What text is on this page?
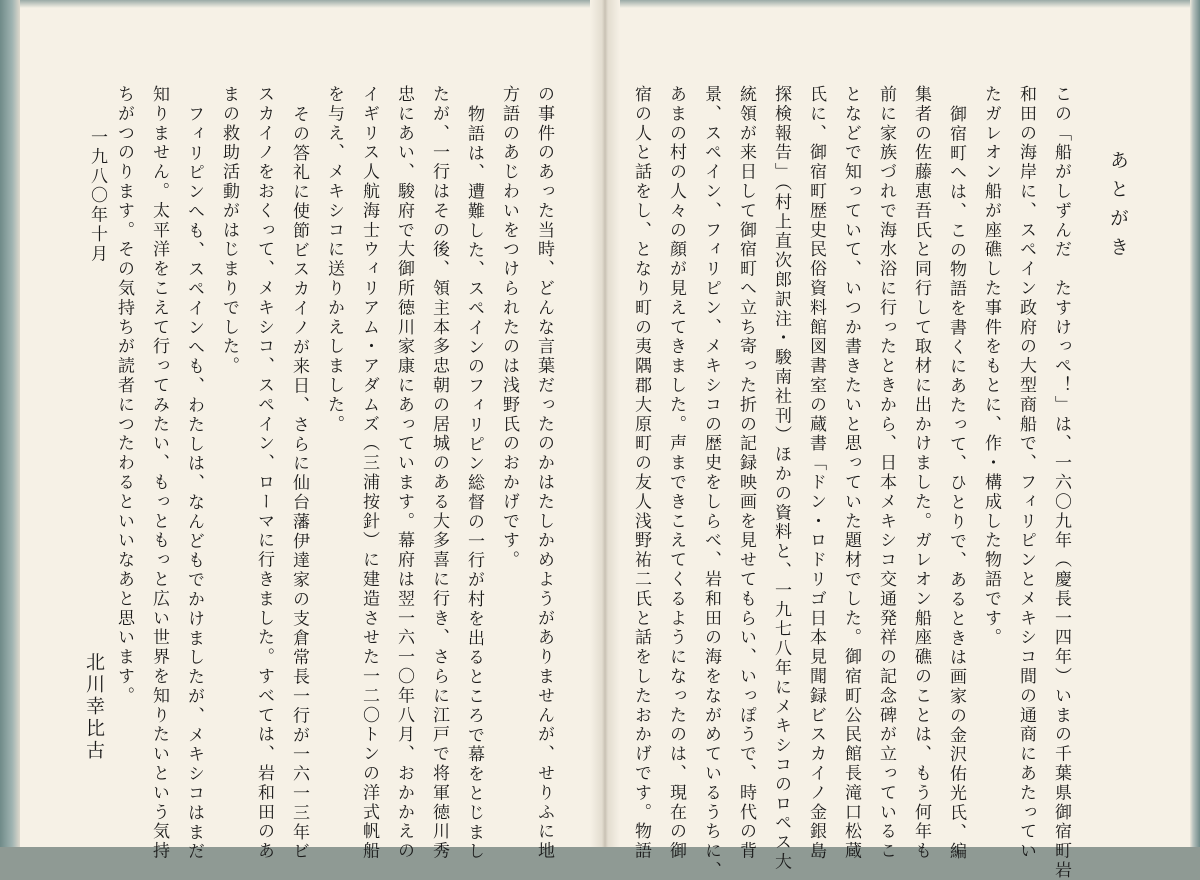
あとがき
この「船がしずんだ　たすけっぺ！」は、一六〇九年（慶長一四年）いまの千葉県御宿町岩
和田の海岸に、スペイン政府の大型商船で、フィリピンとメキシコ間の通商にあたってい
たガレオン船が座礁した事件をもとに、作・構成した物語です。
御宿町へは、この物語を書くにあたって、ひとりで、あるときは画家の金沢佑光氏、編
集者の佐藤恵吾氏と同行して取材に出かけました。ガレオン船座礁のことは、もう何年も
前に家族づれで海水浴に行ったときから、日本メキシコ交通発祥の記念碑が立っているこ
となどで知っていて、いつか書きたいと思っていた題材でした。御宿町公民館長滝口松蔵
氏に、御宿町歴史民俗資料館図書室の蔵書「ドン・ロドリゴ日本見聞録ビスカイノ金銀島
探検報告」（村上直次郎訳注・駿南社刊）ほかの資料と、一九七八年にメキシコのロペス大
統領が来日して御宿町へ立ち寄った折の記録映画を見せてもらい、いっぽうで、時代の背
景、スペイン、フィリピン、メキシコの歴史をしらべ、岩和田の海をながめているうちに、
あまの村の人々の顔が見えてきました。声まできこえてくるようになったのは、現在の御
宿の人と話をし、となり町の夷隅郡大原町の友人浅野祐二氏と話をしたおかげです。物語
の事件のあった当時、どんな言葉だったのかはたしかめようがありませんが、せりふに地
方語のあじわいをつけられたのは浅野氏のおかげです。
物語は、遭難した、スペインのフィリピン総督の一行が村を出るところで幕をとじまし
たが、一行はその後、領主本多忠朝の居城のある大多喜に行き、さらに江戸で将軍徳川秀
忠にあい、駿府で大御所徳川家康にあっています。幕府は翌一六一〇年八月、おかかえの
イギリス人航海士ウィリアム・アダムズ（三浦按針）に建造させた一二〇トンの洋式帆船
を与え、メキシコに送りかえしました。
その答礼に使節ビスカイノが来日、さらに仙台藩伊達家の支倉常長一行が一六一三年ビ
スカイノをおくって、メキシコ、スペイン、ローマに行きました。すべては、岩和田のあ
まの救助活動がはじまりでした。
フィリピンへも、スペインへも、わたしは、なんどもでかけましたが、メキシコはまだ
知りません。太平洋をこえて行ってみたい、もっともっと広い世界を知りたいという気持
ちがつのります。その気持ちが読者につたわるといいなあと思います。
一九八〇年十月
北川幸比古
